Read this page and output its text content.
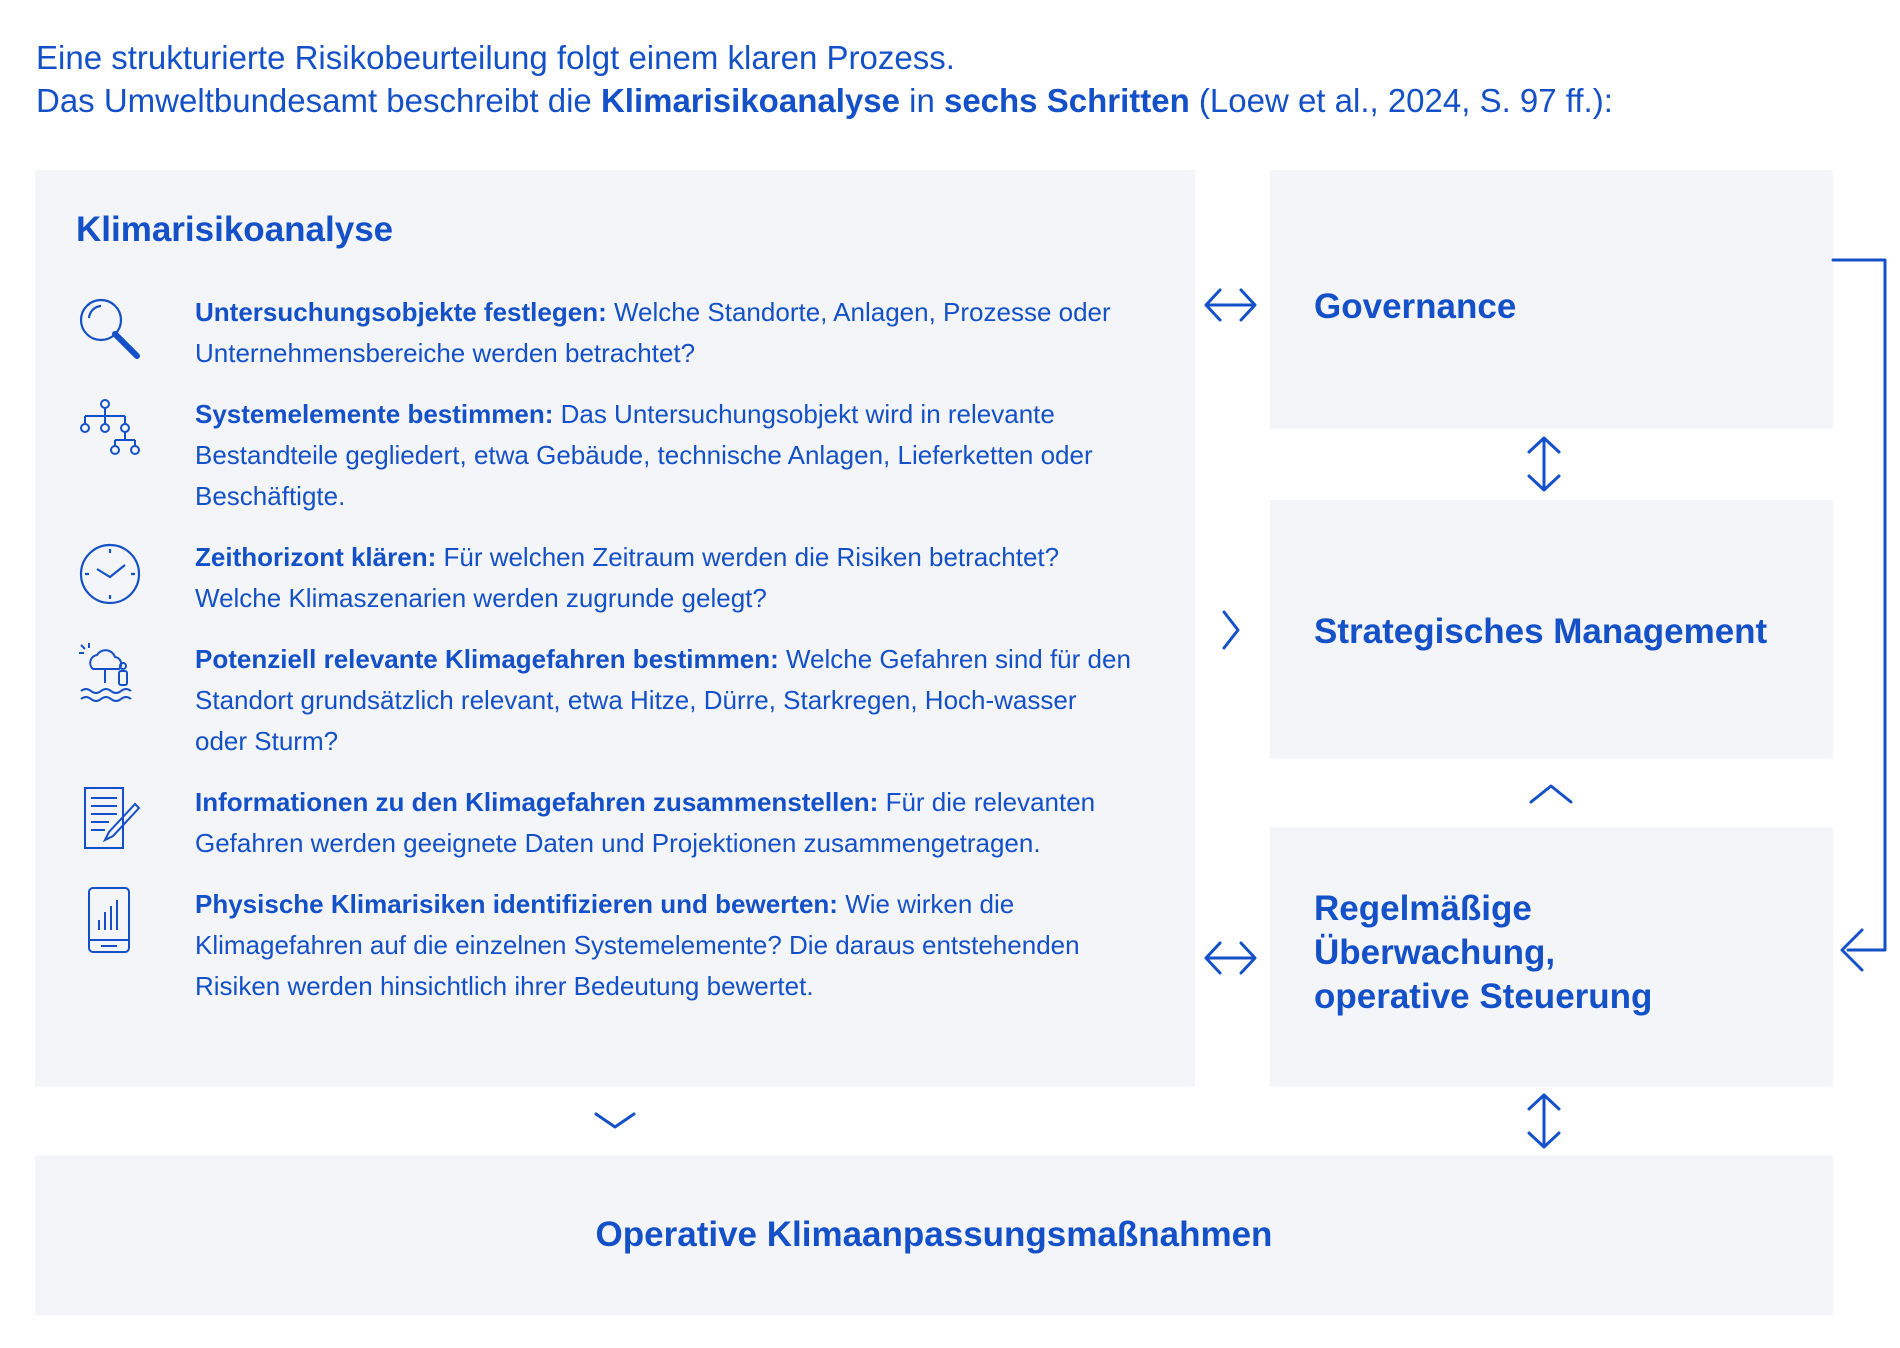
Eine strukturierte Risikobeurteilung folgt einem klaren Prozess.
Das Umweltbundesamt beschreibt die Klimarisikoanalyse in sechs Schritten (Loew et al., 2024, S. 97 ff.):
Klimarisikoanalyse
Untersuchungsobjekte festlegen: Welche Standorte, Anlagen, Prozesse oder Unternehmensbereiche werden betrachtet?
Systemelemente bestimmen: Das Untersuchungsobjekt wird in relevante Bestandteile gegliedert, etwa Gebäude, technische Anlagen, Lieferketten oder Beschäftigte.
Zeithorizont klären: Für welchen Zeitraum werden die Risiken betrachtet? Welche Klimaszenarien werden zugrunde gelegt?
Potenziell relevante Klimagefahren bestimmen: Welche Gefahren sind für den Standort grundsätzlich relevant, etwa Hitze, Dürre, Starkregen, Hoch-wasser oder Sturm?
Informationen zu den Klimagefahren zusammenstellen: Für die relevanten Gefahren werden geeignete Daten und Projektionen zusammengetragen.
Physische Klimarisiken identifizieren und bewerten: Wie wirken die Klimagefahren auf die einzelnen Systemelemente? Die daraus entstehenden Risiken werden hinsichtlich ihrer Bedeutung bewertet.
Governance
Strategisches Management
Regelmäßige
Überwachung,
operative Steuerung
Operative Klimaanpassungsmaßnahmen
